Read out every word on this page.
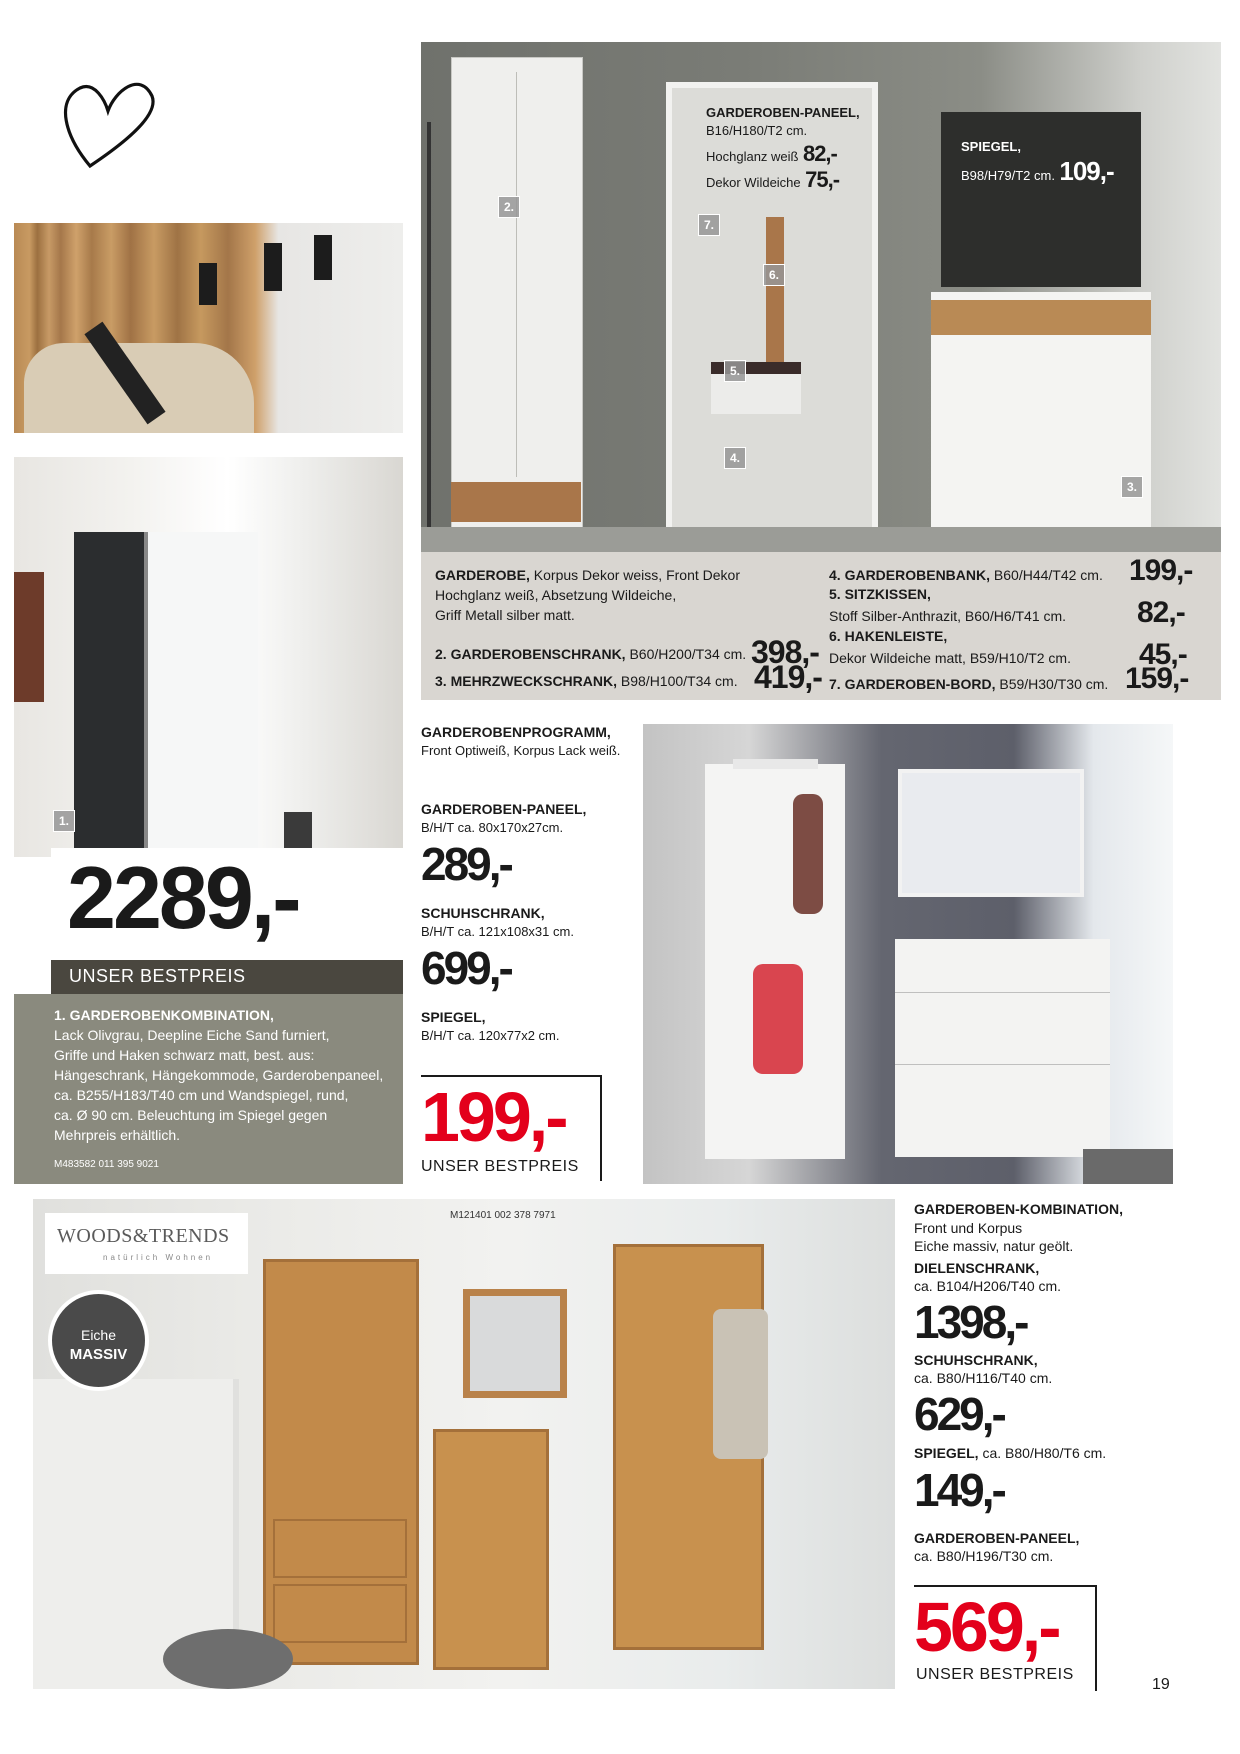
GARDEROBEN-PANEEL,
B16/H180/T2 cm.
Hochglanz weiß 82,-
Dekor Wildeiche 75,-
SPIEGEL,
B98/H79/T2 cm. 109,-
2.
7.
6.
5.
4.
3.
GARDEROBE, Korpus Dekor weiss, Front Dekor
Hochglanz weiß, Absetzung Wildeiche,
Griff Metall silber matt.
2. GARDEROBENSCHRANK, B60/H200/T34 cm. 398,-
3. MEHRZWECKSCHRANK, B98/H100/T34 cm. 419,-
4. GARDEROBENBANK, B60/H44/T42 cm. 199,-
5. SITZKISSEN,
Stoff Silber-Anthrazit, B60/H6/T41 cm. 82,-
6. HAKENLEISTE,
Dekor Wildeiche matt, B59/H10/T2 cm. 45,-
7. GARDEROBEN-BORD, B59/H30/T30 cm. 159,-
1.
2289,-
UNSER BESTPREIS
1. GARDEROBENKOMBINATION,
Lack Olivgrau, Deepline Eiche Sand furniert,
Griffe und Haken schwarz matt, best. aus:
Hängeschrank, Hängekommode, Garderobenpaneel,
ca. B255/H183/T40 cm und Wandspiegel, rund,
ca. Ø 90 cm. Beleuchtung im Spiegel gegen
Mehrpreis erhältlich.
M483582 011 395 9021
GARDEROBENPROGRAMM,
Front Optiweiß, Korpus Lack weiß.
GARDEROBEN-PANEEL,
B/H/T ca. 80x170x27cm.
289,-
SCHUHSCHRANK,
B/H/T ca. 121x108x31 cm.
699,-
SPIEGEL,
B/H/T ca. 120x77x2 cm.
199,-
UNSER BESTPREIS
M121401 002 378 7971
WOODS&TRENDS
natürlich Wohnen
Eiche
MASSIV
GARDEROBEN-KOMBINATION,
Front und Korpus
Eiche massiv, natur geölt.
DIELENSCHRANK,
ca. B104/H206/T40 cm.
1398,-
SCHUHSCHRANK,
ca. B80/H116/T40 cm.
629,-
SPIEGEL, ca. B80/H80/T6 cm.
149,-
GARDEROBEN-PANEEL,
ca. B80/H196/T30 cm.
569,-
UNSER BESTPREIS
19
